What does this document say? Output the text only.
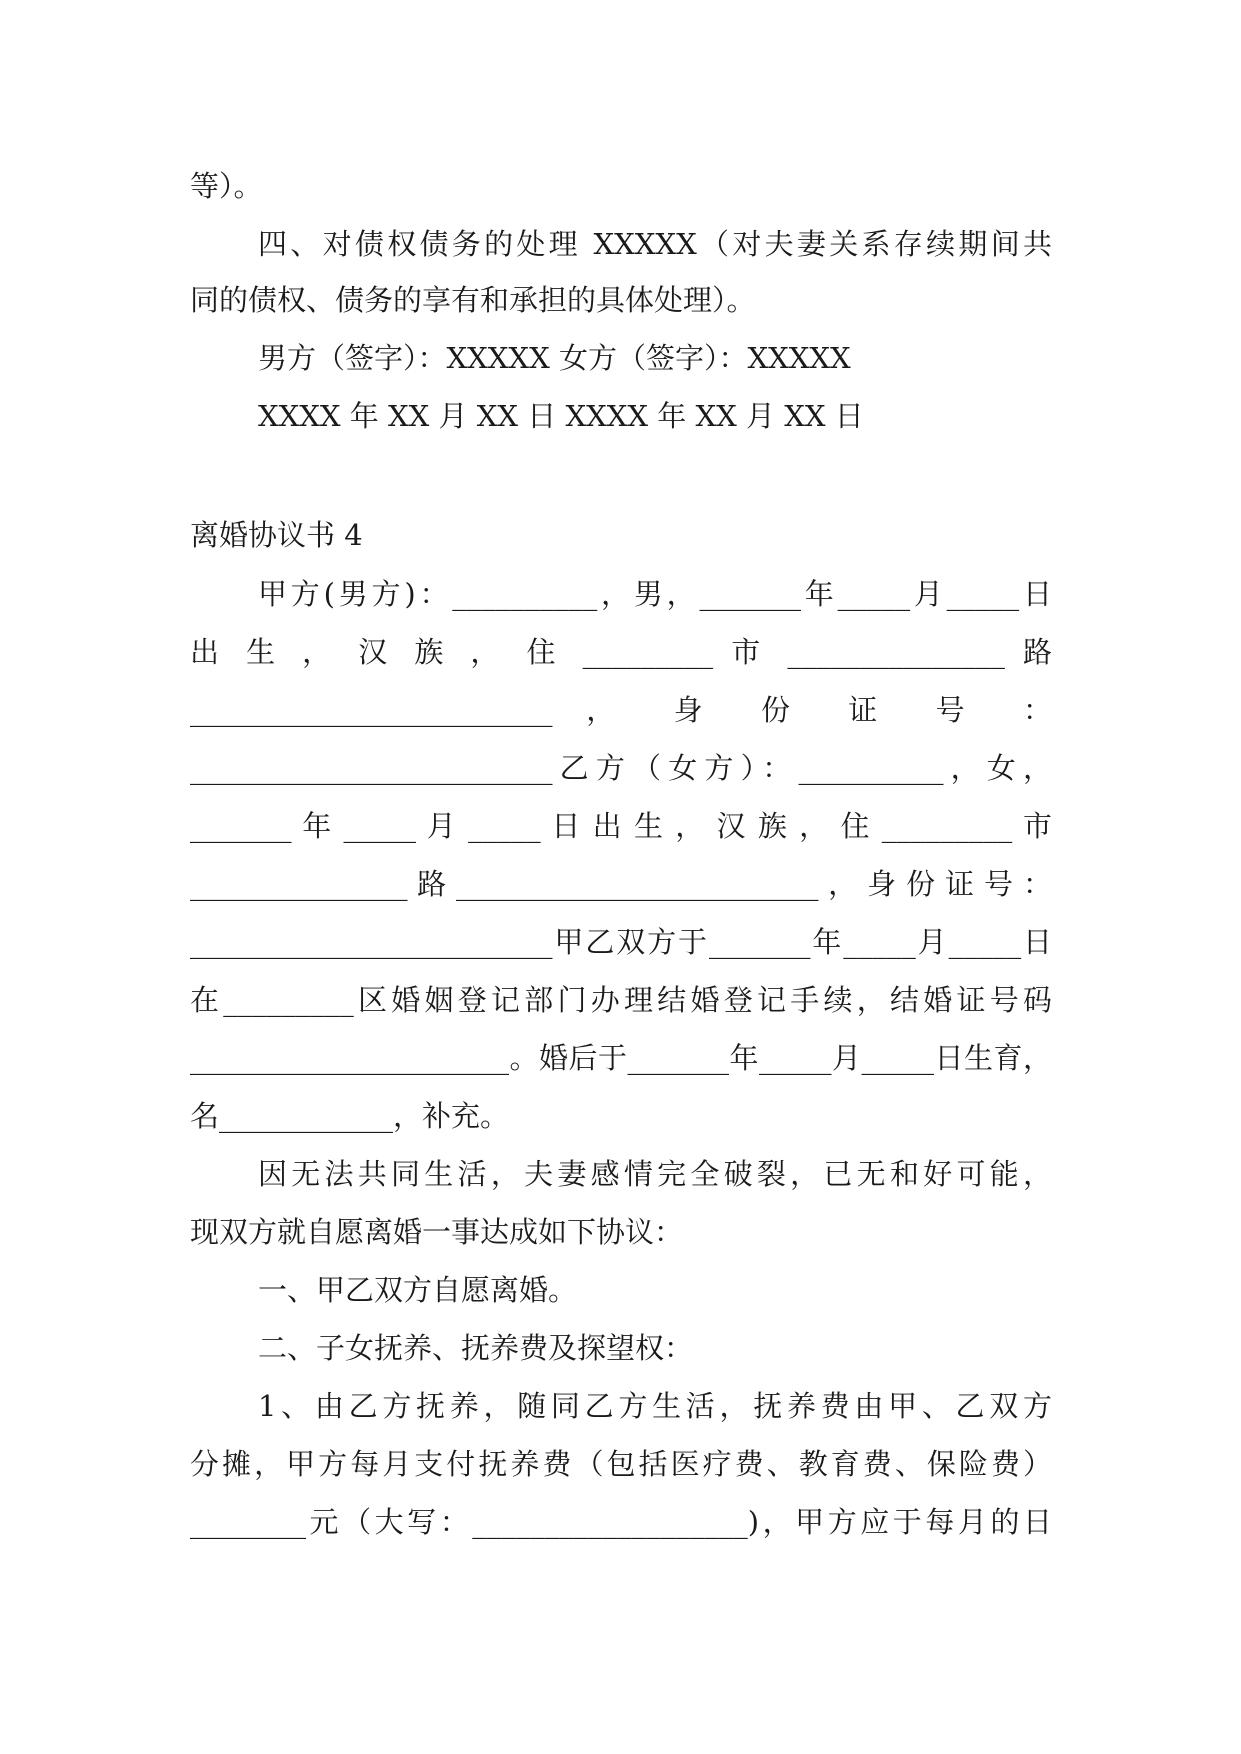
等）。
四、对债权债务的处理 XXXXX（对夫妻关系存续期间共
同的债权、债务的享有和承担的具体处理）。
男方（签字）：XXXXX 女方（签字）：XXXXX
XXXX 年 XX 月 XX 日 XXXX 年 XX 月 XX 日
离婚协议书 4
甲方(男方)：__________，男，_______年_____月_____日
出 生 ， 汉 族 ， 住 _________ 市 _______________ 路
_________________________ ， 身 份 证 号 ：
_________________________乙方（女方）：__________，女，
_______ 年 _____ 月 _____ 日 出 生 ， 汉 族 ， 住 _________ 市
_______________ 路 _________________________ ， 身 份 证 号 ：
_________________________甲乙双方于_______年_____月_____日
在_________区婚姻登记部门办理结婚登记手续，结婚证号码
______________________。婚后于_______年_____月_____日生育，
名____________，补充。
因无法共同生活，夫妻感情完全破裂，已无和好可能，
现双方就自愿离婚一事达成如下协议：
一、甲乙双方自愿离婚。
二、子女抚养、抚养费及探望权：
1、由乙方抚养，随同乙方生活，抚养费由甲、乙双方
分摊，甲方每月支付抚养费（包括医疗费、教育费、保险费）
________元（大写：___________________)，甲方应于每月的日
